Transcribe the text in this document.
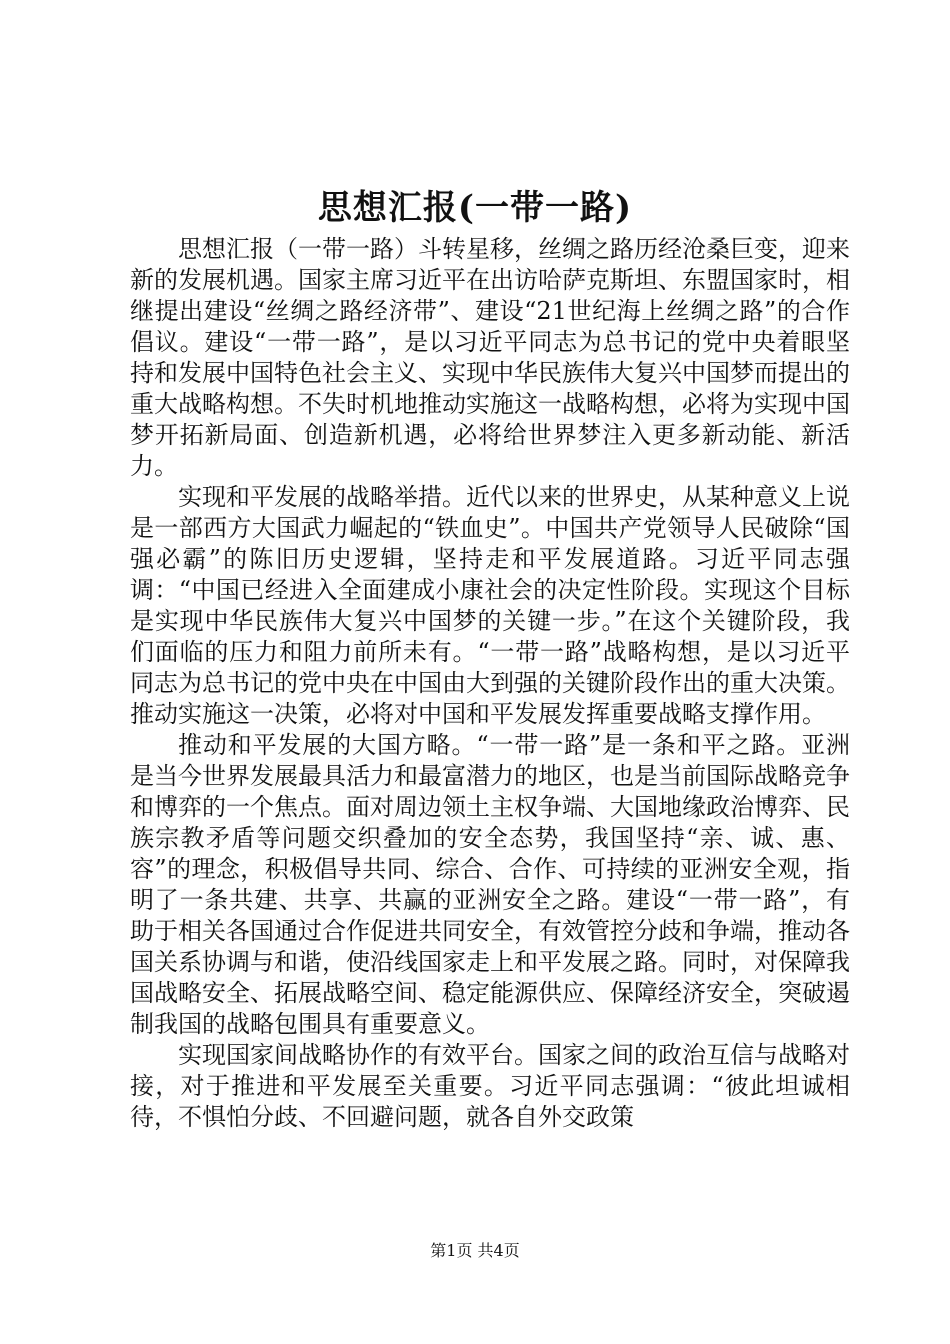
思想汇报(一带一路)

思想汇报（一带一路）斗转星移，丝绸之路历经沧桑巨变，迎来新的发展机遇。国家主席习近平在出访哈萨克斯坦、东盟国家时，相继提出建设“丝绸之路经济带”、建设“21世纪海上丝绸之路”的合作倡议。建设“一带一路”，是以习近平同志为总书记的党中央着眼坚持和发展中国特色社会主义、实现中华民族伟大复兴中国梦而提出的重大战略构想。不失时机地推动实施这一战略构想，必将为实现中国梦开拓新局面、创造新机遇，必将给世界梦注入更多新动能、新活力。

实现和平发展的战略举措。近代以来的世界史，从某种意义上说是一部西方大国武力崛起的“铁血史”。中国共产党领导人民破除“国强必霸”的陈旧历史逻辑，坚持走和平发展道路。习近平同志强调：“中国已经进入全面建成小康社会的决定性阶段。实现这个目标是实现中华民族伟大复兴中国梦的关键一步。”在这个关键阶段，我们面临的压力和阻力前所未有。“一带一路”战略构想，是以习近平同志为总书记的党中央在中国由大到强的关键阶段作出的重大决策。推动实施这一决策，必将对中国和平发展发挥重要战略支撑作用。

推动和平发展的大国方略。“一带一路”是一条和平之路。亚洲是当今世界发展最具活力和最富潜力的地区，也是当前国际战略竞争和博弈的一个焦点。面对周边领土主权争端、大国地缘政治博弈、民族宗教矛盾等问题交织叠加的安全态势，我国坚持“亲、诚、惠、容”的理念，积极倡导共同、综合、合作、可持续的亚洲安全观，指明了一条共建、共享、共赢的亚洲安全之路。建设“一带一路”，有助于相关各国通过合作促进共同安全，有效管控分歧和争端，推动各国关系协调与和谐，使沿线国家走上和平发展之路。同时，对保障我国战略安全、拓展战略空间、稳定能源供应、保障经济安全，突破遏制我国的战略包围具有重要意义。

实现国家间战略协作的有效平台。国家之间的政治互信与战略对接，对于推进和平发展至关重要。习近平同志强调：“彼此坦诚相待，不惧怕分歧、不回避问题，就各自外交政策

第1页 共4页
